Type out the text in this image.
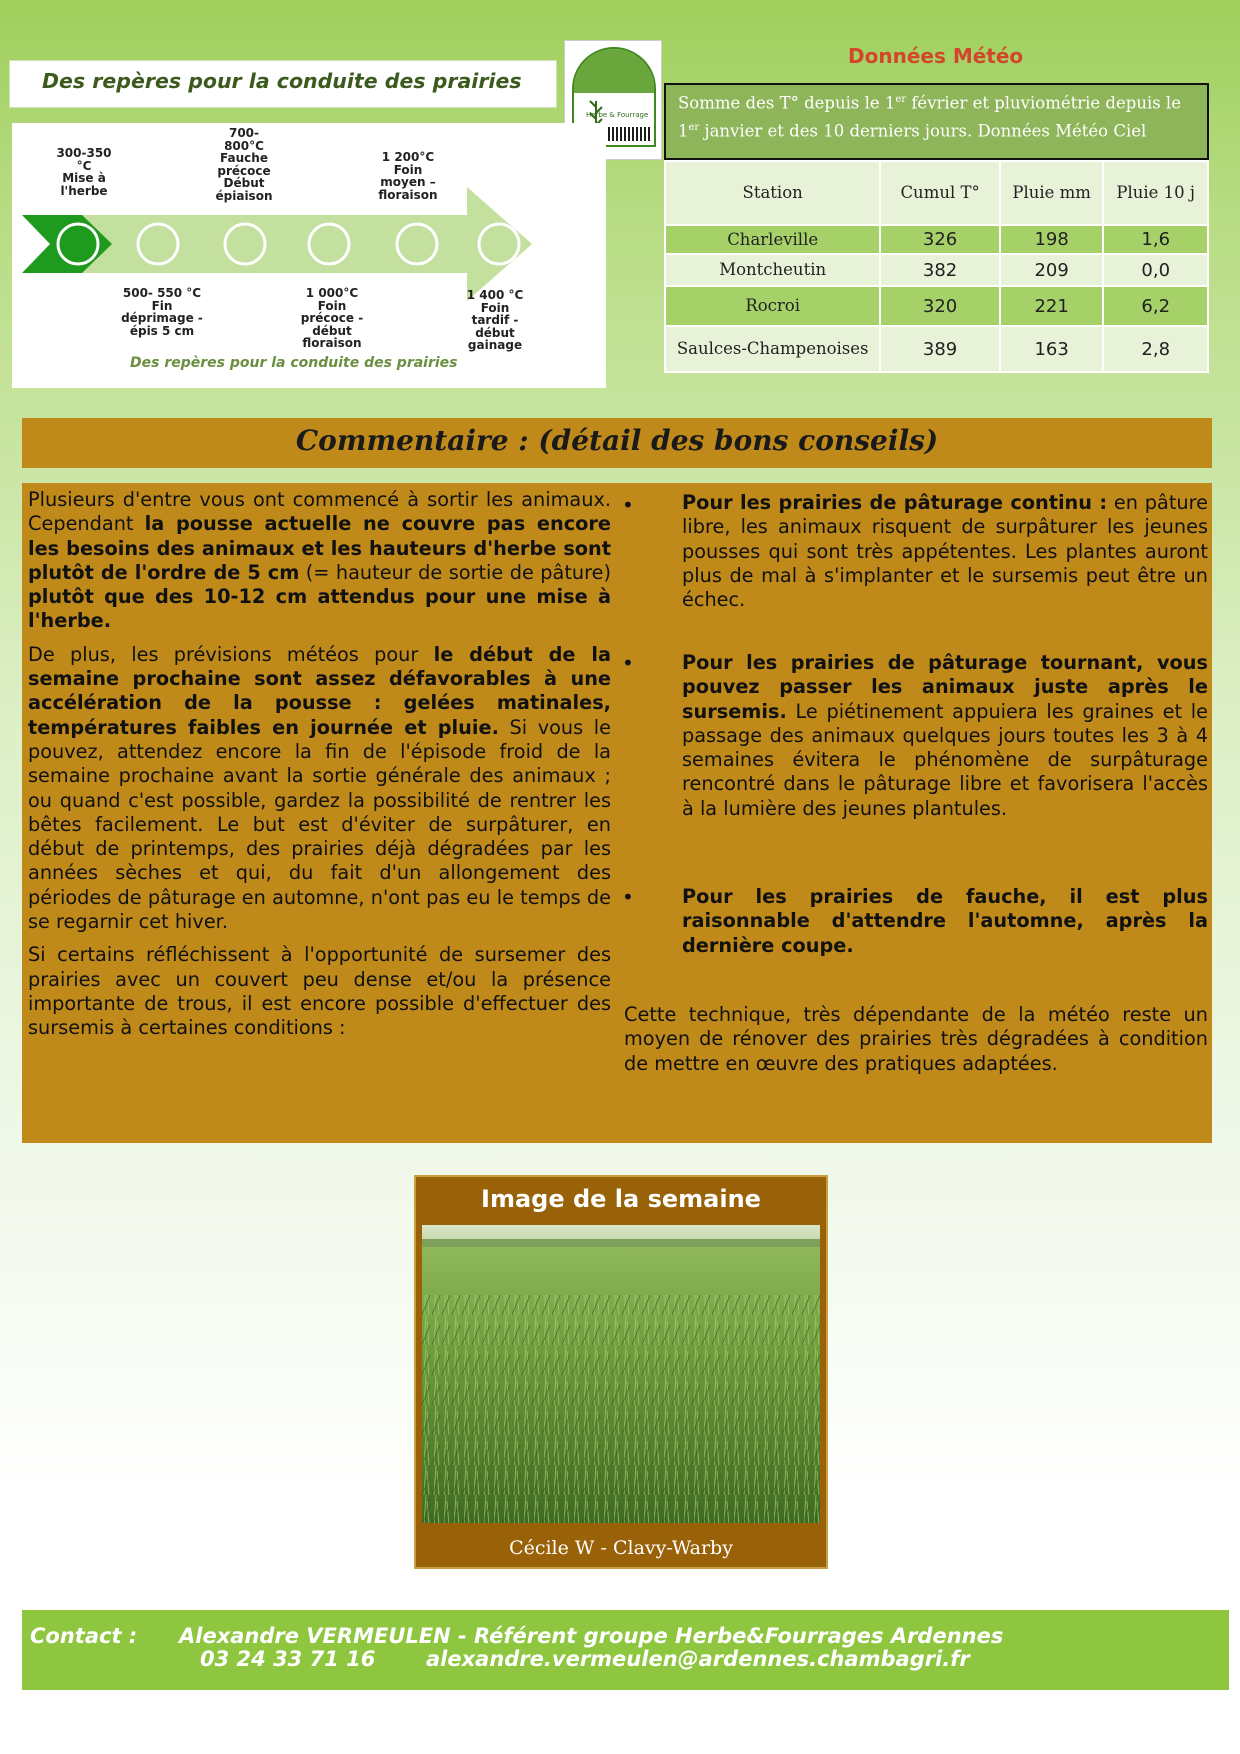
Des repères pour la conduite des prairies
Herbe & Fourrage
300-350
°C
Mise à
l'herbe
700-
800°C
Fauche
précoce
Début
épiaison
1 200°C
Foin
moyen –
floraison
500- 550 °C
Fin
déprimage -
épis 5 cm
1 000°C
Foin
précoce -
début
floraison
1 400 °C
Foin
tardif -
début
gainage
Des repères pour la conduite des prairies
Données Météo
Somme des T° depuis le 1er février et pluviométrie depuis le 1er janvier et des 10 derniers jours. Données Météo Ciel
Station	Cumul T°	Pluie mm	Pluie 10 j
Charleville	326	198	1,6
Montcheutin	382	209	0,0
Rocroi	320	221	6,2
Saulces-Champenoises	389	163	2,8
Commentaire : (détail des bons conseils)

Plusieurs d'entre vous ont commencé à sortir les animaux. Cependant la pousse actuelle ne couvre pas encore les besoins des animaux et les hauteurs d'herbe sont plutôt de l'ordre de 5 cm (= hauteur de sortie de pâture) plutôt que des 10-12 cm attendus pour une mise à l'herbe.

De plus, les prévisions météos pour le début de la semaine prochaine sont assez défavorables à une accélération de la pousse : gelées matinales, températures faibles en journée et pluie. Si vous le pouvez, attendez encore la fin de l'épisode froid de la semaine prochaine avant la sortie générale des animaux ; ou quand c'est possible, gardez la possibilité de rentrer les bêtes facilement. Le but est d'éviter de surpâturer, en début de printemps, des prairies déjà dégradées par les années sèches et qui, du fait d'un allongement des périodes de pâturage en automne, n'ont pas eu le temps de se regarnir cet hiver.

Si certains réfléchissent à l'opportunité de sursemer des prairies avec un couvert peu dense et/ou la présence importante de trous, il est encore possible d'effectuer des sursemis à certaines conditions :

• Pour les prairies de pâturage continu : en pâture libre, les animaux risquent de surpâturer les jeunes pousses qui sont très appétentes. Les plantes auront plus de mal à s'implanter et le sursemis peut être un échec.
• Pour les prairies de pâturage tournant, vous pouvez passer les animaux juste après le sursemis. Le piétinement appuiera les graines et le passage des animaux quelques jours toutes les 3 à 4 semaines évitera le phénomène de surpâturage rencontré dans le pâturage libre et favorisera l'accès à la lumière des jeunes plantules.
• Pour les prairies de fauche, il est plus raisonnable d'attendre l'automne, après la dernière coupe.
Cette technique, très dépendante de la météo reste un moyen de rénover des prairies très dégradées à condition de mettre en œuvre des pratiques adaptées.
Image de la semaine
Cécile W - Clavy-Warby
Contact : Alexandre VERMEULEN - Référent groupe Herbe&Fourrages Ardennes
03 24 33 71 16 alexandre.vermeulen@ardennes.chambagri.fr
